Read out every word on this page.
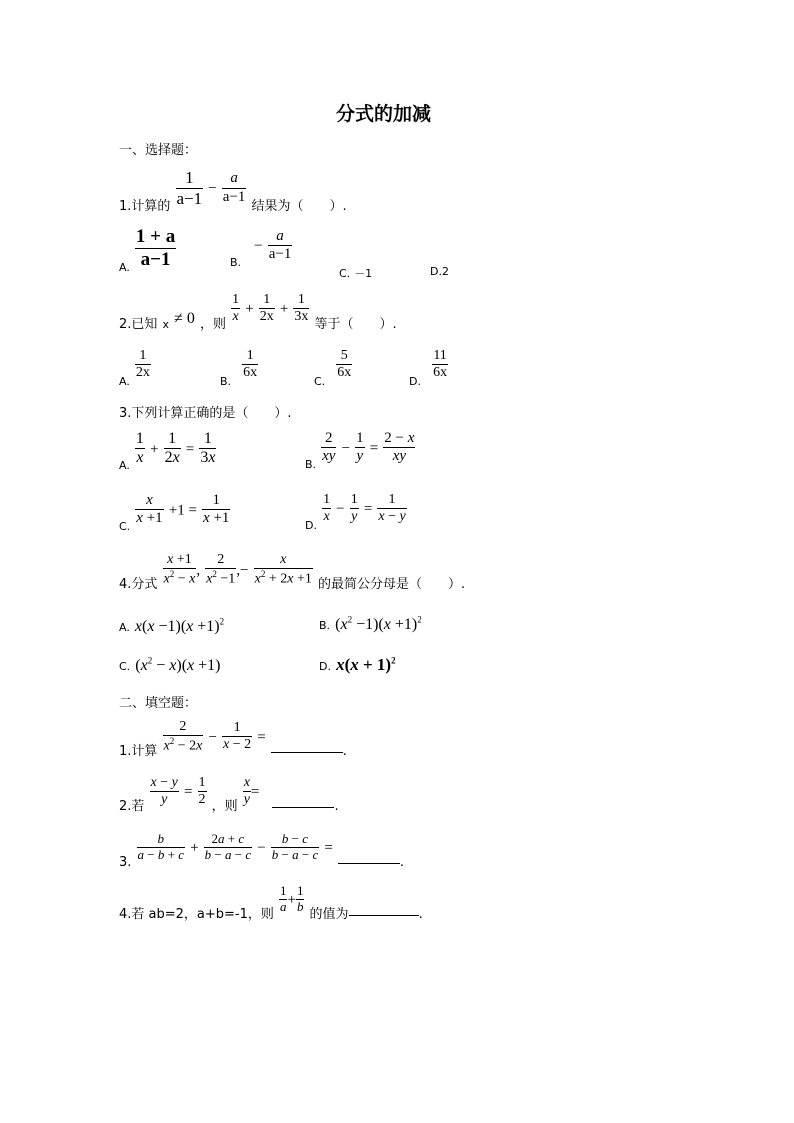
分式的加减
一、选择题：
$_{1.计算的} \frac{1}{a-1} - \frac{a}{a-1}$
$_{结果为( ).}$
$_{A.} \frac{1 + a}{a-1}$	$_{B.} - \frac{a}{a-1}$
C. －1	D.2
$_{2.已知}$ $_x$ ≠ 0 $_{,则} \frac{1}{x} + \frac{1}{2x} + \frac{1}{3x} _{等于( ).}$
$_{A.}$
$\frac{1}{2x}$
$_{B.}$
$\frac{1}{6x}$
$_{C.}$
$\frac{5}{6x}$
$_{D.}$
$\frac{11}{6x}$
3.下列计算正确的是（　　）.
$_{A.} \frac{1}{x} + \frac{1}{2x} = \frac{1}{3x}$	$_{B.} \frac{2}{xy} - \frac{1}{y} = \frac{2 - x}{xy}$
$_{C.} \frac{x}{x +1} +1 = \frac{1}{x +1}$	$_{D.}$
$\frac{1}{x} - \frac{1}{y} = \frac{1}{x - y}$
$_{4.分式} \frac{x +1}{x^2 - x}$ , $\frac{2}{x^2 -1}$ ,− $\frac{x}{x^2 + 2x +1} _{的最简公分母是( ).}$
A. $x(x -1)(x +1)^2$	B. $(x^2 -1)(x +1)^2$
C. $(x^2 - x)(x +1)$	D. $x(x + 1)^2$
二、填空题：
$_{1.计算} \frac{2}{x^2 - 2x} - \frac{1}{x - 2} = _.$
$_{2.若} \frac{x - y}{y} = \frac{1}{2} _{,则} \frac{x}{y} = _.$
$_{3.} \frac{b}{a - b + c} + \frac{2a + c}{b - a - c} - \frac{b - c}{b - a - c} = _.$
$_{4.若 ab=2,a+b=-1,则} \frac{1}{a} + \frac{1}{b} _{的值为}$	$_.$
